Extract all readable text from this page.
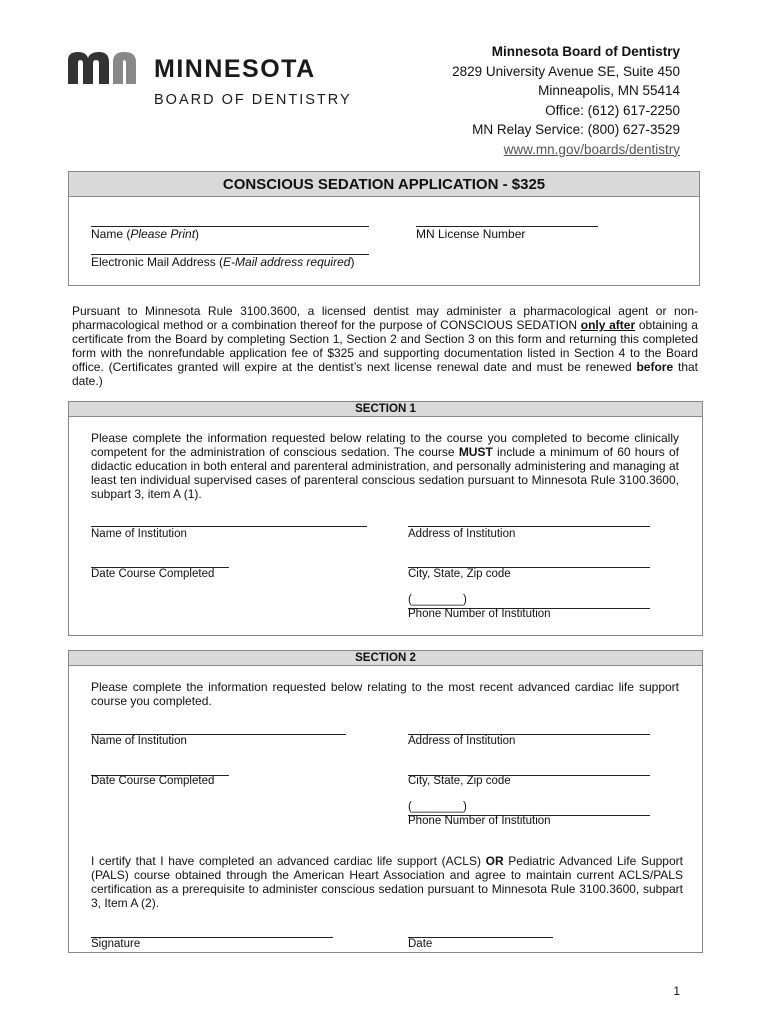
MINNESOTA
BOARD OF DENTISTRY
Minnesota Board of Dentistry
2829 University Avenue SE, Suite 450
Minneapolis, MN 55414
Office: (612) 617-2250
MN Relay Service: (800) 627-3529
www.mn.gov/boards/dentistry
CONSCIOUS SEDATION APPLICATION - $325
Name (Please Print)	MN License Number
Electronic Mail Address (E-Mail address required)
Pursuant to Minnesota Rule 3100.3600, a licensed dentist may administer a pharmacological agent or non-pharmacological method or a combination thereof for the purpose of CONSCIOUS SEDATION only after obtaining a certificate from the Board by completing Section 1, Section 2 and Section 3 on this form and returning this completed form with the nonrefundable application fee of $325 and supporting documentation listed in Section 4 to the Board office. (Certificates granted will expire at the dentist’s next license renewal date and must be renewed before that date.)
SECTION 1
Please complete the information requested below relating to the course you completed to become clinically competent for the administration of conscious sedation. The course MUST include a minimum of 60 hours of didactic education in both enteral and parenteral administration, and personally administering and managing at least ten individual supervised cases of parenteral conscious sedation pursuant to Minnesota Rule 3100.3600, subpart 3, item A (1).
Name of Institution	Address of Institution
Date Course Completed	City, State, Zip code
(________)
Phone Number of Institution
SECTION 2
Please complete the information requested below relating to the most recent advanced cardiac life support course you completed.
Name of Institution	Address of Institution
Date Course Completed	City, State, Zip code
(________)
Phone Number of Institution
I certify that I have completed an advanced cardiac life support (ACLS) OR Pediatric Advanced Life Support (PALS) course obtained through the American Heart Association and agree to maintain current ACLS/PALS certification as a prerequisite to administer conscious sedation pursuant to Minnesota Rule 3100.3600, subpart 3, Item A (2).
Signature	Date
1
